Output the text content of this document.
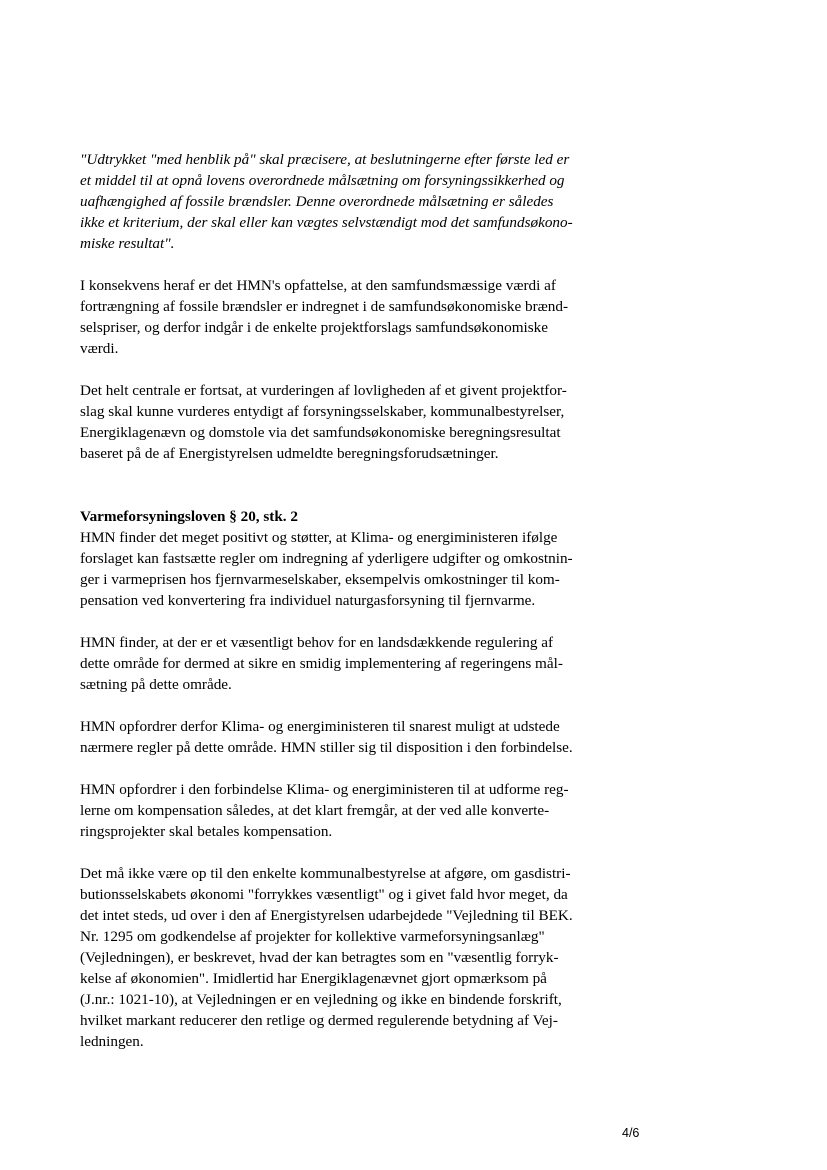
"Udtrykket "med henblik på" skal præcisere, at beslutningerne efter første led er
et middel til at opnå lovens overordnede målsætning om forsyningssikkerhed og
uafhængighed af fossile brændsler. Denne overordnede målsætning er således
ikke et kriterium, der skal eller kan vægtes selvstændigt mod det samfundsøkono-
miske resultat".
I konsekvens heraf er det HMN's opfattelse, at den samfundsmæssige værdi af
fortrængning af fossile brændsler er indregnet i de samfundsøkonomiske brænd-
selspriser, og derfor indgår i de enkelte projektforslags samfundsøkonomiske
værdi.
Det helt centrale er fortsat, at vurderingen af lovligheden af et givent projektfor-
slag skal kunne vurderes entydigt af forsyningsselskaber, kommunalbestyrelser,
Energiklagenævn og domstole via det samfundsøkonomiske beregningsresultat
baseret på de af Energistyrelsen udmeldte beregningsforudsætninger.
Varmeforsyningsloven § 20, stk. 2
HMN finder det meget positivt og støtter, at Klima- og energiministeren ifølge
forslaget kan fastsætte regler om indregning af yderligere udgifter og omkostnin-
ger i varmeprisen hos fjernvarmeselskaber, eksempelvis omkostninger til kom-
pensation ved konvertering fra individuel naturgasforsyning til fjernvarme.
HMN finder, at der er et væsentligt behov for en landsdækkende regulering af
dette område for dermed at sikre en smidig implementering af regeringens mål-
sætning på dette område.
HMN opfordrer derfor Klima- og energiministeren til snarest muligt at udstede
nærmere regler på dette område. HMN stiller sig til disposition i den forbindelse.
HMN opfordrer i den forbindelse Klima- og energiministeren til at udforme reg-
lerne om kompensation således, at det klart fremgår, at der ved alle konverte-
ringsprojekter skal betales kompensation.
Det må ikke være op til den enkelte kommunalbestyrelse at afgøre, om gasdistri-
butionsselskabets økonomi "forrykkes væsentligt" og i givet fald hvor meget, da
det intet steds, ud over i den af Energistyrelsen udarbejdede "Vejledning til BEK.
Nr. 1295 om godkendelse af projekter for kollektive varmeforsyningsanlæg"
(Vejledningen), er beskrevet, hvad der kan betragtes som en "væsentlig forryk-
kelse af økonomien". Imidlertid har Energiklagenævnet gjort opmærksom på
(J.nr.: 1021-10), at Vejledningen er en vejledning og ikke en bindende forskrift,
hvilket markant reducerer den retlige og dermed regulerende betydning af Vej-
ledningen.
4/6
